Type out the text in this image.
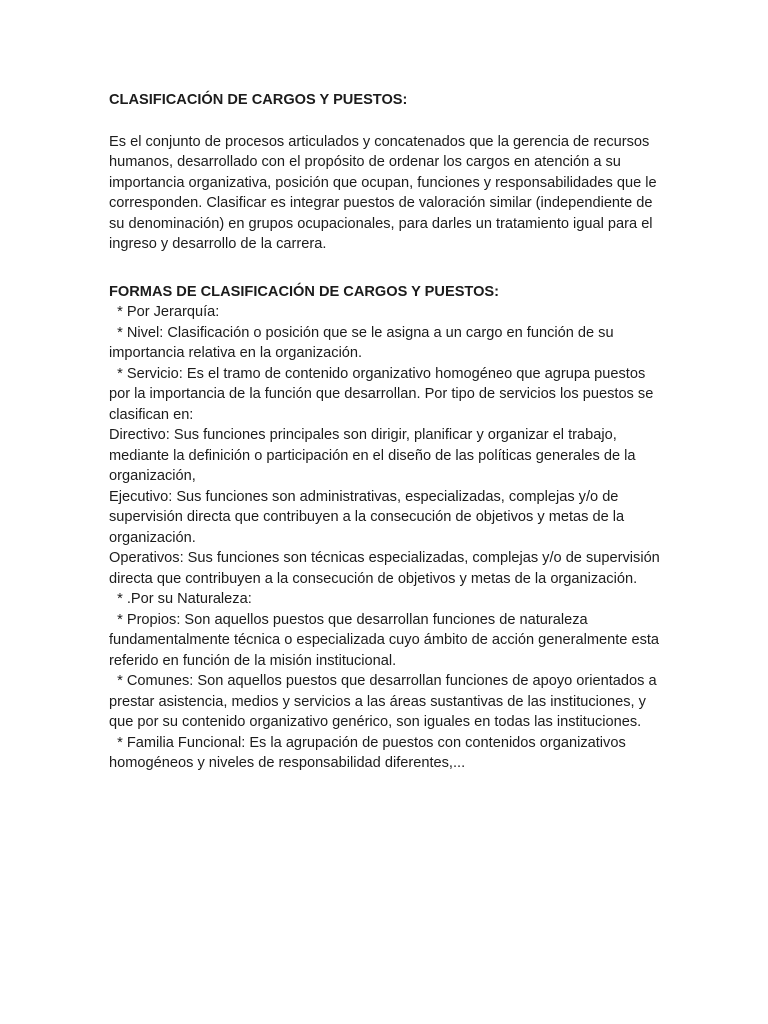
CLASIFICACIÓN DE CARGOS Y PUESTOS:

Es el conjunto de procesos articulados y concatenados que la gerencia de recursos humanos, desarrollado con el propósito de ordenar los cargos en atención a su importancia organizativa, posición que ocupan, funciones y responsabilidades que le corresponden. Clasificar es integrar puestos de valoración similar (independiente de su denominación) en grupos ocupacionales, para darles un tratamiento igual para el ingreso y desarrollo de la carrera.

FORMAS DE CLASIFICACIÓN DE CARGOS Y PUESTOS:

* Por Jerarquía:

* Nivel: Clasificación o posición que se le asigna a un cargo en función de su importancia relativa en la organización.

* Servicio: Es el tramo de contenido organizativo homogéneo que agrupa puestos por la importancia de la función que desarrollan. Por tipo de servicios los puestos se clasifican en:

Directivo: Sus funciones principales son dirigir, planificar y organizar el trabajo, mediante la definición o participación en el diseño de las políticas generales de la organización,

Ejecutivo: Sus funciones son administrativas, especializadas, complejas y/o de supervisión directa que contribuyen a la consecución de objetivos y metas de la organización.

Operativos: Sus funciones son técnicas especializadas, complejas y/o de supervisión directa que contribuyen a la consecución de objetivos y metas de la organización.

* .Por su Naturaleza:

* Propios: Son aquellos puestos que desarrollan funciones de naturaleza fundamentalmente técnica o especializada cuyo ámbito de acción generalmente esta referido en función de la misión institucional.

* Comunes: Son aquellos puestos que desarrollan funciones de apoyo orientados a prestar asistencia, medios y servicios a las áreas sustantivas de las instituciones, y que por su contenido organizativo genérico, son iguales en todas las instituciones.

* Familia Funcional: Es la agrupación de puestos con contenidos organizativos homogéneos y niveles de responsabilidad diferentes,...
